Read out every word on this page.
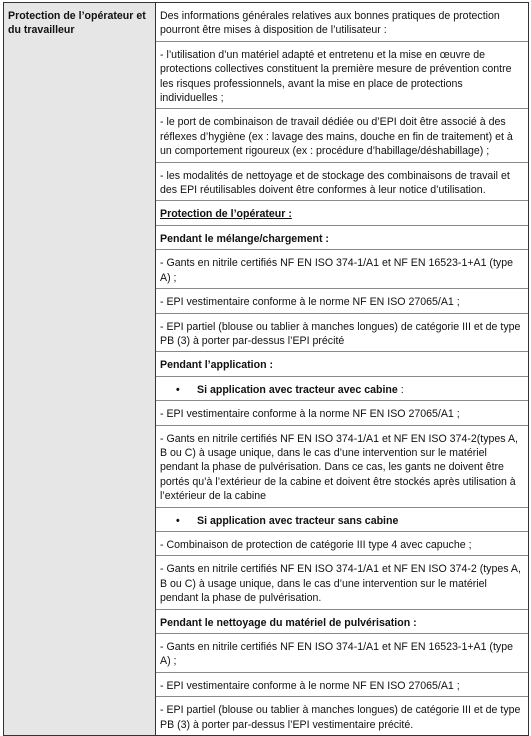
Protection de l’opérateur et du travailleur	
Des informations générales relatives aux bonnes pratiques de protection pourront être mises à disposition de l’utilisateur :
- l’utilisation d’un matériel adapté et entretenu et la mise en œuvre de protections collectives constituent la première mesure de prévention contre les risques professionnels, avant la mise en place de protections individuelles ;
- le port de combinaison de travail dédiée ou d’EPI doit être associé à des réflexes d’hygiène (ex : lavage des mains, douche en fin de traitement) et à un comportement rigoureux (ex : procédure d’habillage/déshabillage) ;
- les modalités de nettoyage et de stockage des combinaisons de travail et des EPI réutilisables doivent être conformes à leur notice d’utilisation.
Protection de l’opérateur :
Pendant le mélange/chargement :
- Gants en nitrile certifiés NF EN ISO 374-1/A1 et NF EN 16523-1+A1 (type A) ;
- EPI vestimentaire conforme à le norme NF EN ISO 27065/A1 ;
- EPI partiel (blouse ou tablier à manches longues) de catégorie III et de type PB (3) à porter par-dessus l’EPI précité
Pendant l’application :
• Si application avec tracteur avec cabine :
- EPI vestimentaire conforme à la norme NF EN ISO 27065/A1 ;
- Gants en nitrile certifiés NF EN ISO 374-1/A1 et NF EN ISO 374-2(types A, B ou C) à usage unique, dans le cas d’une intervention sur le matériel pendant la phase de pulvérisation. Dans ce cas, les gants ne doivent être portés qu’à l’extérieur de la cabine et doivent être stockés après utilisation à l’extérieur de la cabine
• Si application avec tracteur sans cabine
- Combinaison de protection de catégorie III type 4 avec capuche ;
- Gants en nitrile certifiés NF EN ISO 374-1/A1 et NF EN ISO 374-2 (types A, B ou C) à usage unique, dans le cas d’une intervention sur le matériel pendant la phase de pulvérisation.
Pendant le nettoyage du matériel de pulvérisation :
- Gants en nitrile certifiés NF EN ISO 374-1/A1 et NF EN 16523-1+A1 (type A) ;
- EPI vestimentaire conforme à le norme NF EN ISO 27065/A1 ;
- EPI partiel (blouse ou tablier à manches longues) de catégorie III et de type PB (3) à porter par-dessus l’EPI vestimentaire précité.
